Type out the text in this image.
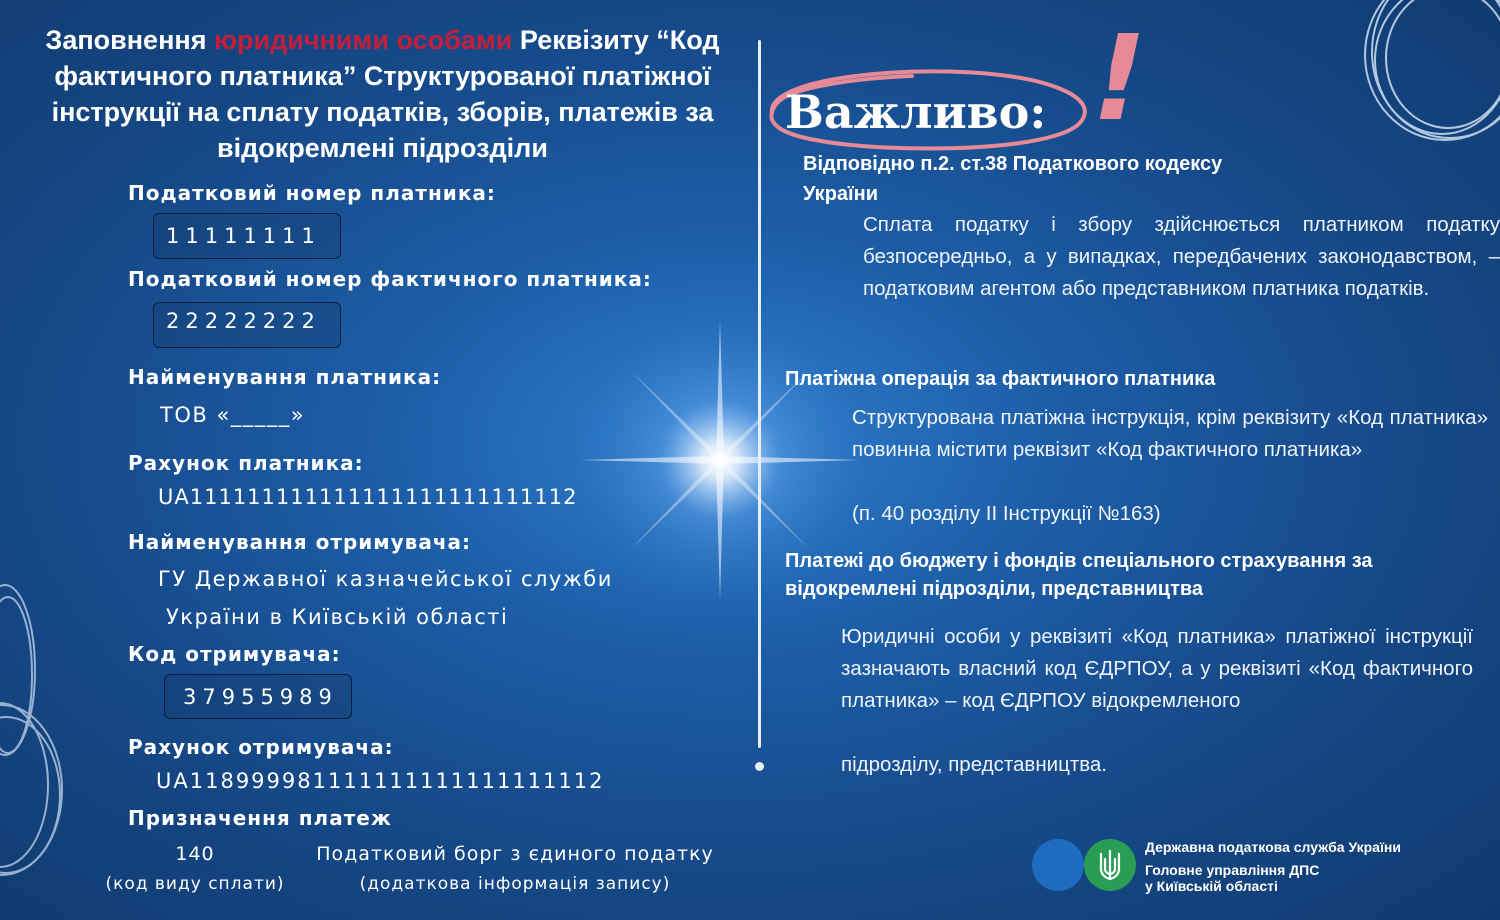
Заповнення юридичними особами Реквізиту “Код фактичного платника” Структурованої платіжної інструкції на сплату податків, зборів, платежів за відокремлені підрозділи
Податковий номер платника:
11111111
Податковий номер фактичного платника:
22222222
Найменування платника:
ТОВ «_____»
Рахунок платника:
UA111111111111111111111111112
Найменування отримувача:
ГУ Державної казначейської служби
України в Київській області
Код отримувача:
37955989
Рахунок отримувача:
UA118999981111111111111111112
Призначення платеж
140
(код виду сплати)
Податковий борг з єдиного податку
(додаткова інформація запису)
Важливо: !
Відповідно п.2. ст.38 Податкового кодексу
України
Сплата податку і збору здійснюється платником податку безпосередньо, а у випадках, передбачених законодавством, – податковим агентом або представником платника податків.
Платіжна операція за фактичного платника
Структурована платіжна інструкція, крім реквізиту «Код платника» повинна містити реквізит «Код фактичного платника»
(п. 40 розділу ІІ Інструкції №163)
Платежі до бюджету і фондів спеціального страхування за відокремлені підрозділи, представництва
Юридичні особи у реквізиті «Код платника» платіжної інструкції зазначають власний код ЄДРПОУ, а у реквізиті «Код фактичного платника» – код ЄДРПОУ відокремленого
підрозділу, представництва.
Державна податкова служба України
Головне управління ДПС
у Київській області
